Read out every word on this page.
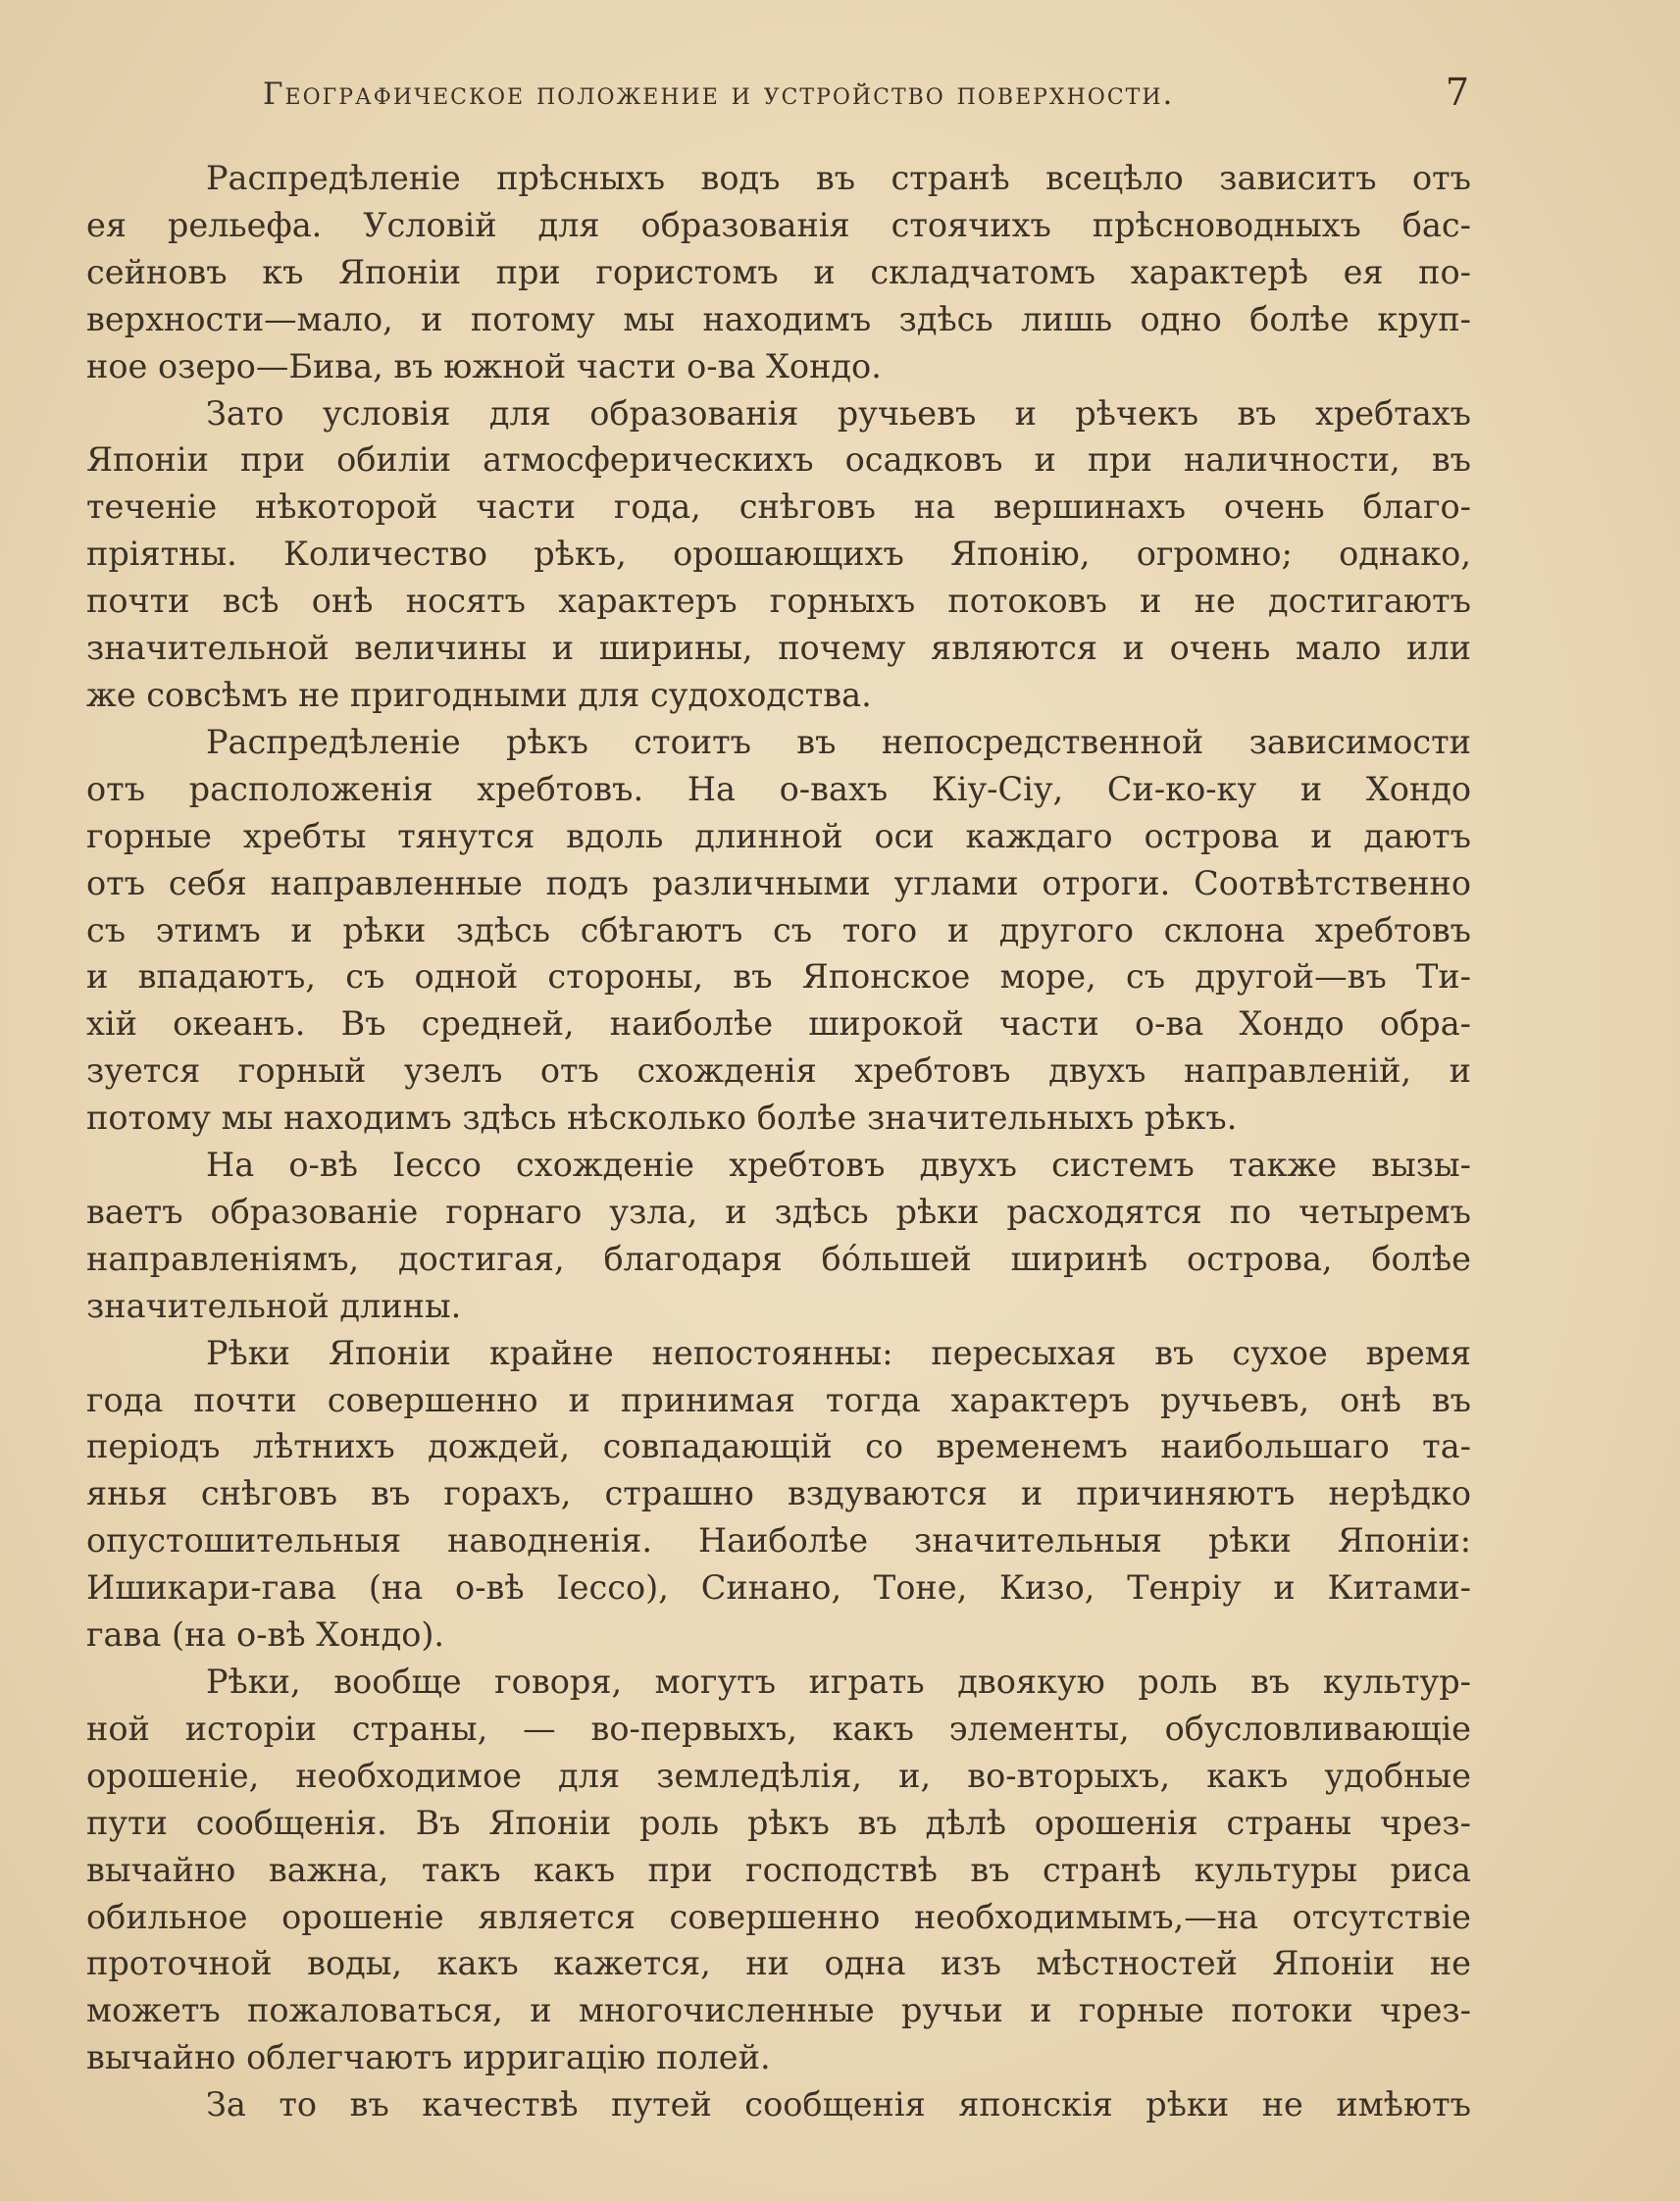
Географическое положение и устройство поверхности.	7
Распредѣленіе прѣсныхъ водъ въ странѣ всецѣло зависитъ отъ
ея рельефа. Условій для образованія стоячихъ прѣсноводныхъ бас-
сейновъ къ Японіи при гористомъ и складчатомъ характерѣ ея по-
верхности—мало, и потому мы находимъ здѣсь лишь одно болѣе круп-
ное озеро—Бива, въ южной части о-ва Хондо.
Зато условія для образованія ручьевъ и рѣчекъ въ хребтахъ
Японіи при обиліи атмосферическихъ осадковъ и при наличности, въ
теченіе нѣкоторой части года, снѣговъ на вершинахъ очень благо-
пріятны. Количество рѣкъ, орошающихъ Японію, огромно; однако,
почти всѣ онѣ носятъ характеръ горныхъ потоковъ и не достигаютъ
значительной величины и ширины, почему являются и очень мало или
же совсѣмъ не пригодными для судоходства.
Распредѣленіе рѣкъ стоитъ въ непосредственной зависимости
отъ расположенія хребтовъ. На о-вахъ Кіу-Сіу, Си-ко-ку и Хондо
горные хребты тянутся вдоль длинной оси каждаго острова и даютъ
отъ себя направленные подъ различными углами отроги. Соотвѣтственно
съ этимъ и рѣки здѣсь сбѣгаютъ съ того и другого склона хребтовъ
и впадаютъ, съ одной стороны, въ Японское море, съ другой—въ Ти-
хій океанъ. Въ средней, наиболѣе широкой части о-ва Хондо обра-
зуется горный узелъ отъ схожденія хребтовъ двухъ направленій, и
потому мы находимъ здѣсь нѣсколько болѣе значительныхъ рѣкъ.
На о-вѣ Іессо схожденіе хребтовъ двухъ системъ также вызы-
ваетъ образованіе горнаго узла, и здѣсь рѣки расходятся по четыремъ
направленіямъ, достигая, благодаря бóльшей ширинѣ острова, болѣе
значительной длины.
Рѣки Японіи крайне непостоянны: пересыхая въ сухое время
года почти совершенно и принимая тогда характеръ ручьевъ, онѣ въ
періодъ лѣтнихъ дождей, совпадающій со временемъ наибольшаго та-
янья снѣговъ въ горахъ, страшно вздуваются и причиняютъ нерѣдко
опустошительныя наводненія. Наиболѣе значительныя рѣки Японіи:
Ишикари-гава (на о-вѣ Іессо), Синано, Тоне, Кизо, Тенріу и Китами-
гава (на о-вѣ Хондо).
Рѣки, вообще говоря, могутъ играть двоякую роль въ культур-
ной исторіи страны, — во-первыхъ, какъ элементы, обусловливающіе
орошеніе, необходимое для земледѣлія, и, во-вторыхъ, какъ удобные
пути сообщенія. Въ Японіи роль рѣкъ въ дѣлѣ орошенія страны чрез-
вычайно важна, такъ какъ при господствѣ въ странѣ культуры риса
обильное орошеніе является совершенно необходимымъ,—на отсутствіе
проточной воды, какъ кажется, ни одна изъ мѣстностей Японіи не
можетъ пожаловаться, и многочисленные ручьи и горные потоки чрез-
вычайно облегчаютъ ирригацію полей.
За то въ качествѣ путей сообщенія японскія рѣки не имѣютъ
